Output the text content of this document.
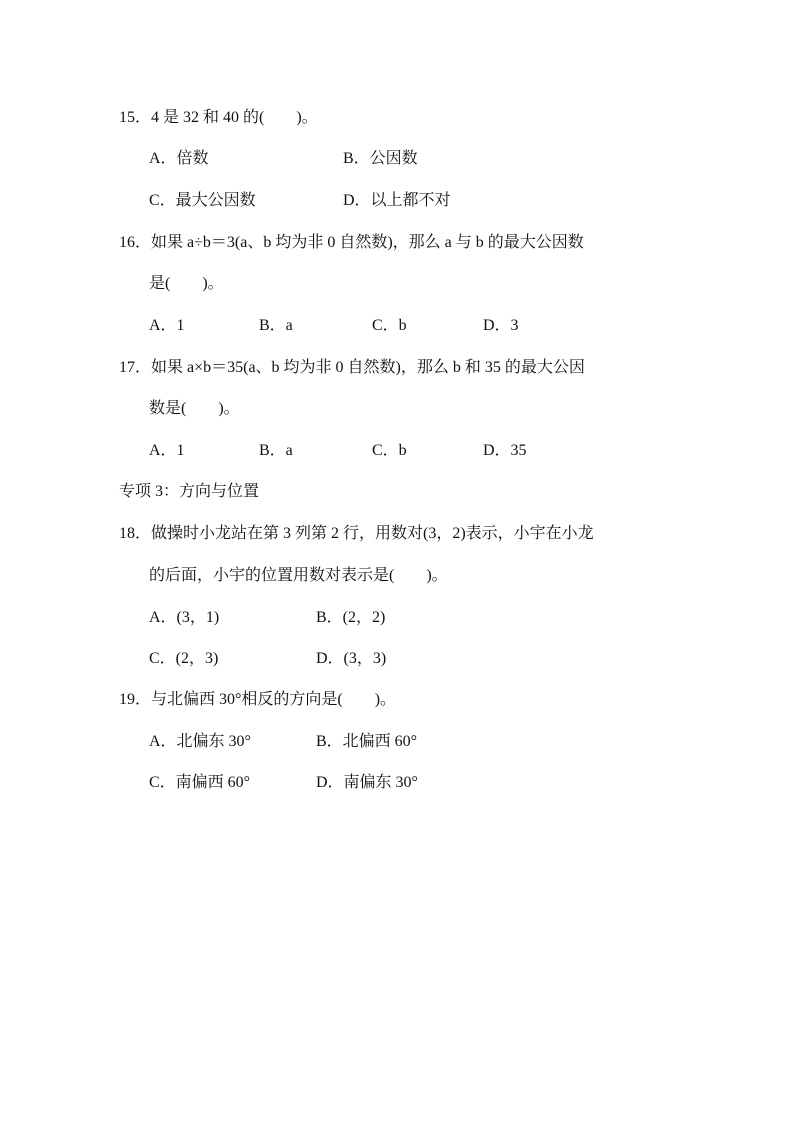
15．4 是 32 和 40 的(　　)。
A．倍数	B．公因数
C．最大公因数	D．以上都不对
16．如果 a÷b＝3(a、b 均为非 0 自然数)，那么 a 与 b 的最大公因数
是(　　)。
A．1	B．a	C．b	D．3
17．如果 a×b＝35(a、b 均为非 0 自然数)，那么 b 和 35 的最大公因
数是(　　)。
A．1	B．a	C．b	D．35
专项 3：方向与位置
18．做操时小龙站在第 3 列第 2 行，用数对(3，2)表示，小宇在小龙
的后面，小宇的位置用数对表示是(　　)。
A．(3，1)	B．(2，2)
C．(2，3)	D．(3，3)
19．与北偏西 30°相反的方向是(　　)。
A．北偏东 30°	B．北偏西 60°
C．南偏西 60°	D．南偏东 30°
